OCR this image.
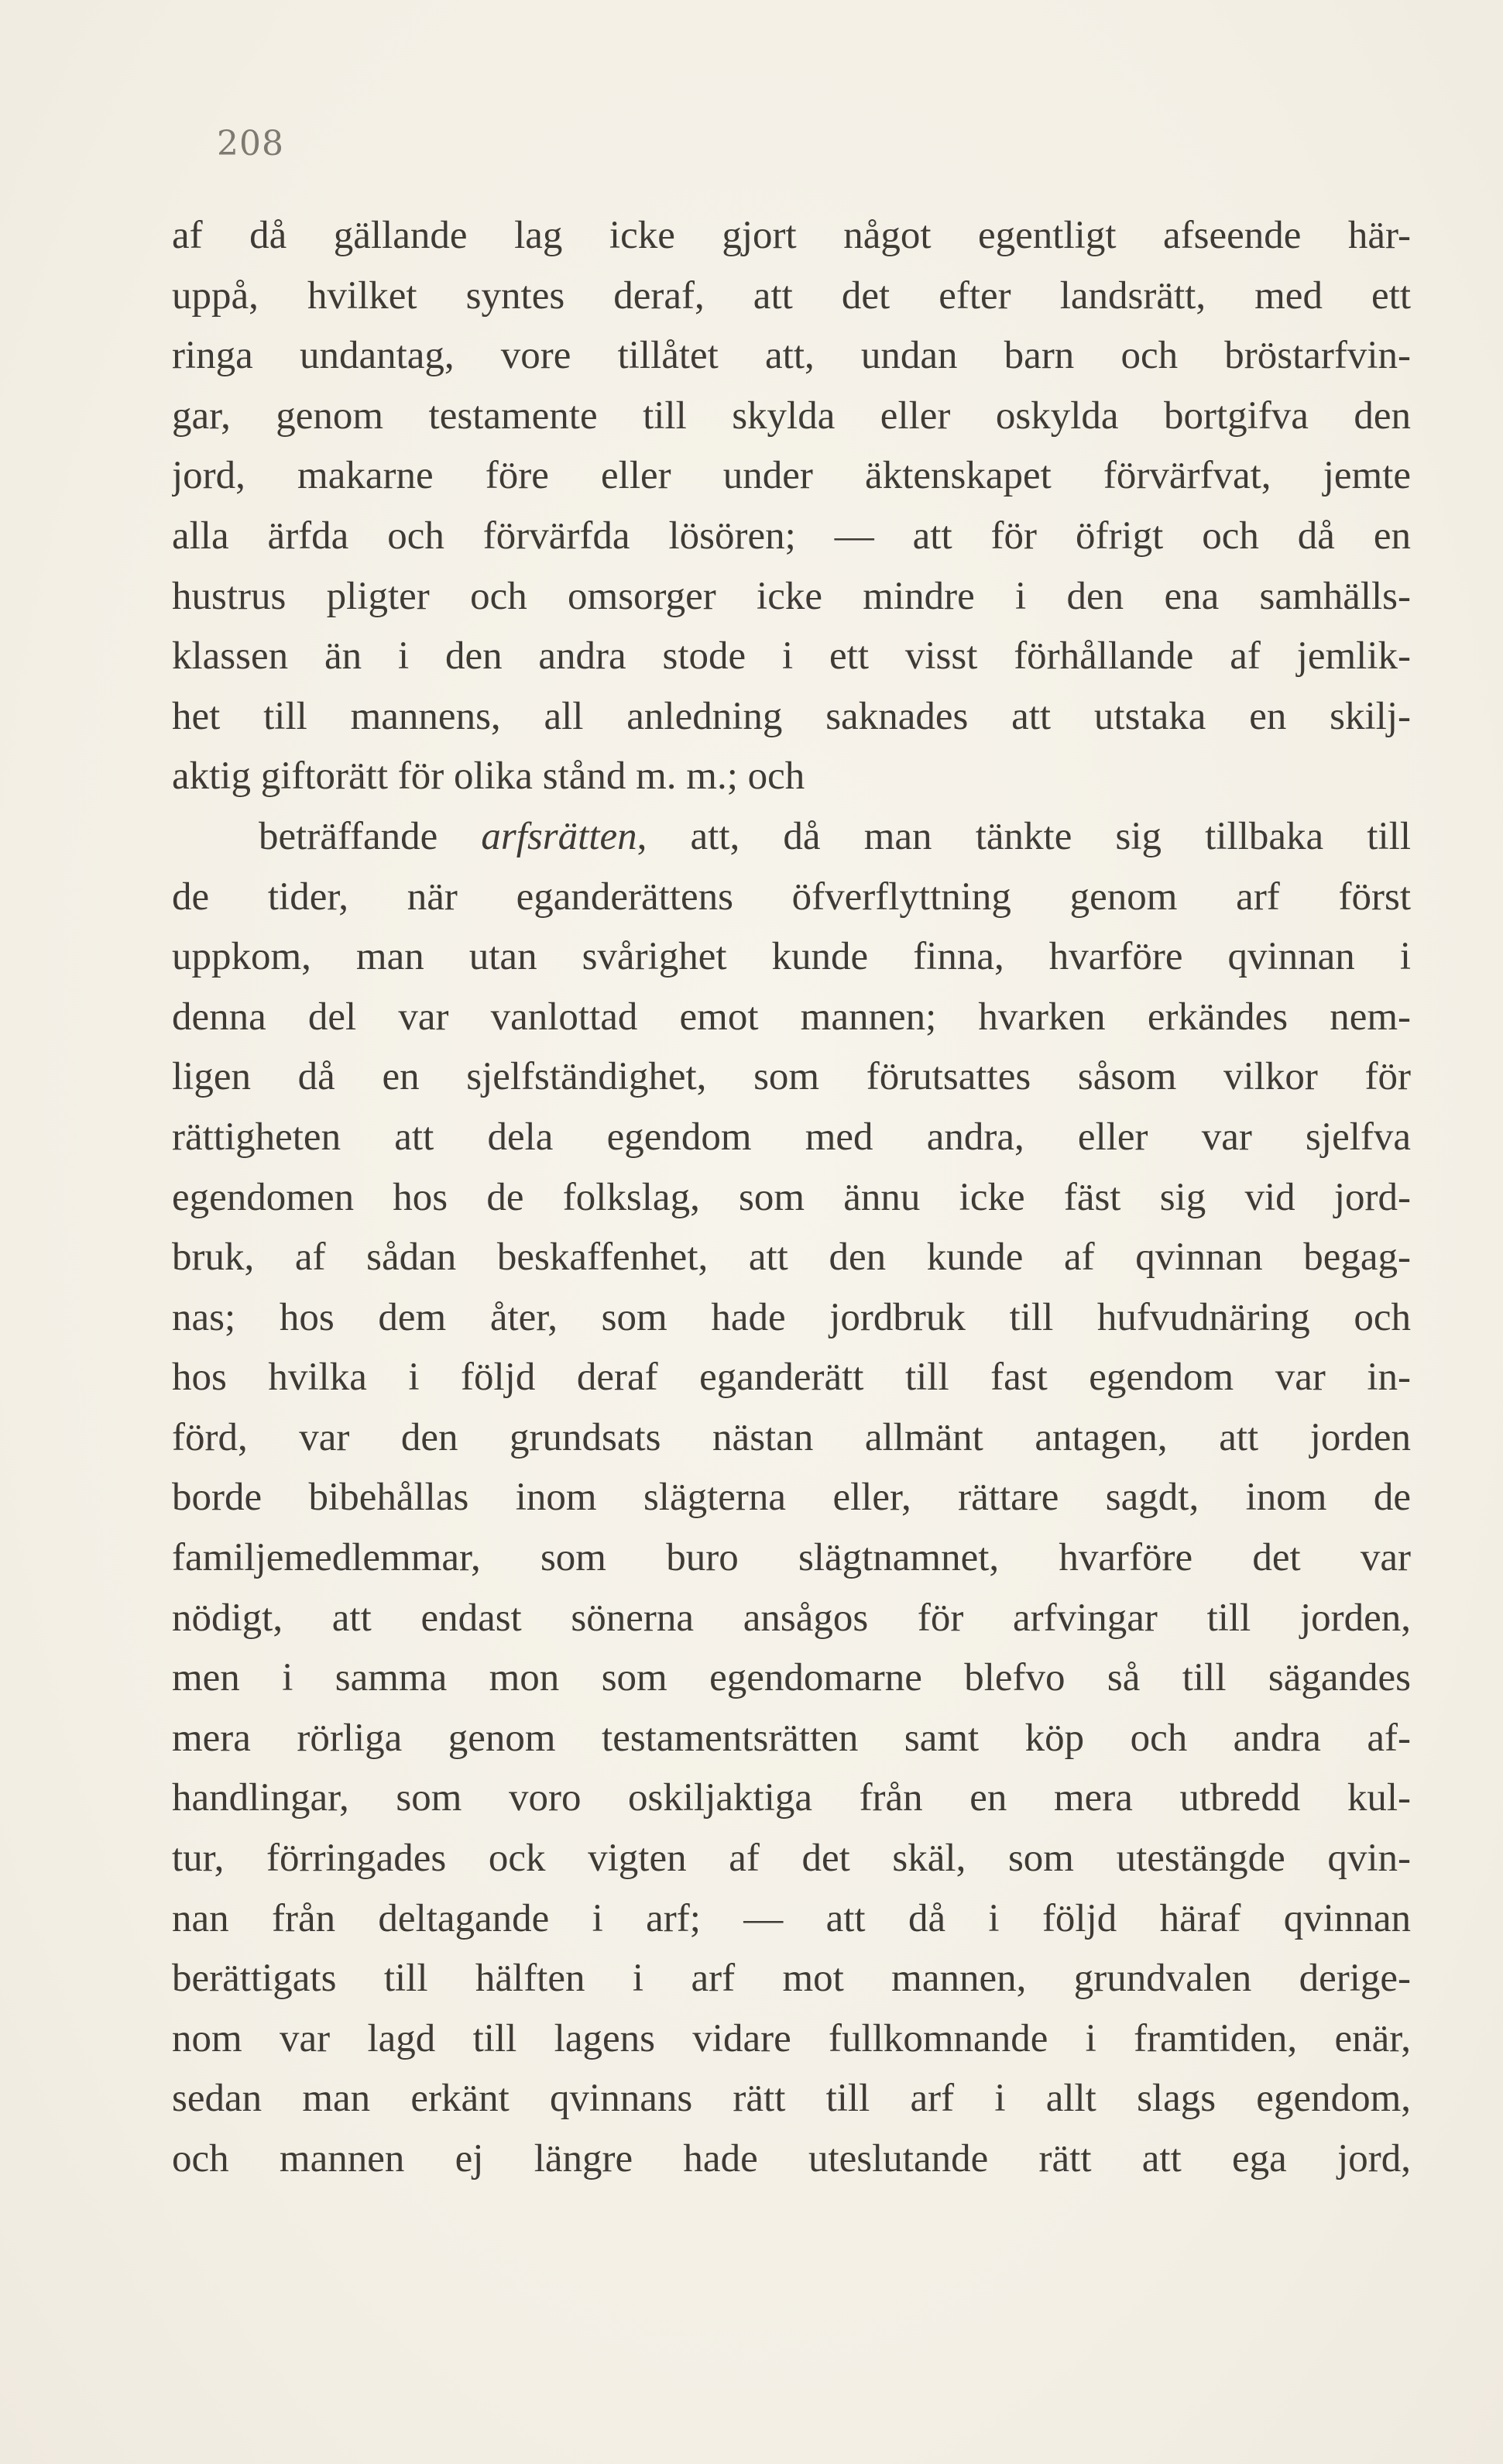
208
af då gällande lag icke gjort något egentligt afseende här-
uppå, hvilket syntes deraf, att det efter landsrätt, med ett
ringa undantag, vore tillåtet att, undan barn och bröstarfvin-
gar, genom testamente till skylda eller oskylda bortgifva den
jord, makarne före eller under äktenskapet förvärfvat, jemte
alla ärfda och förvärfda lösören; — att för öfrigt och då en
hustrus pligter och omsorger icke mindre i den ena samhälls-
klassen än i den andra stode i ett visst förhållande af jemlik-
het till mannens, all anledning saknades att utstaka en skilj-
aktig giftorätt för olika stånd m. m.; och
beträffande arfsrätten, att, då man tänkte sig tillbaka till
de tider, när eganderättens öfverflyttning genom arf först
uppkom, man utan svårighet kunde finna, hvarföre qvinnan i
denna del var vanlottad emot mannen; hvarken erkändes nem-
ligen då en sjelfständighet, som förutsattes såsom vilkor för
rättigheten att dela egendom med andra, eller var sjelfva
egendomen hos de folkslag, som ännu icke fäst sig vid jord-
bruk, af sådan beskaffenhet, att den kunde af qvinnan begag-
nas; hos dem åter, som hade jordbruk till hufvudnäring och
hos hvilka i följd deraf eganderätt till fast egendom var in-
förd, var den grundsats nästan allmänt antagen, att jorden
borde bibehållas inom slägterna eller, rättare sagdt, inom de
familjemedlemmar, som buro slägtnamnet, hvarföre det var
nödigt, att endast sönerna ansågos för arfvingar till jorden,
men i samma mon som egendomarne blefvo så till sägandes
mera rörliga genom testamentsrätten samt köp och andra af-
handlingar, som voro oskiljaktiga från en mera utbredd kul-
tur, förringades ock vigten af det skäl, som utestängde qvin-
nan från deltagande i arf; — att då i följd häraf qvinnan
berättigats till hälften i arf mot mannen, grundvalen derige-
nom var lagd till lagens vidare fullkomnande i framtiden, enär,
sedan man erkänt qvinnans rätt till arf i allt slags egendom,
och mannen ej längre hade uteslutande rätt att ega jord,
